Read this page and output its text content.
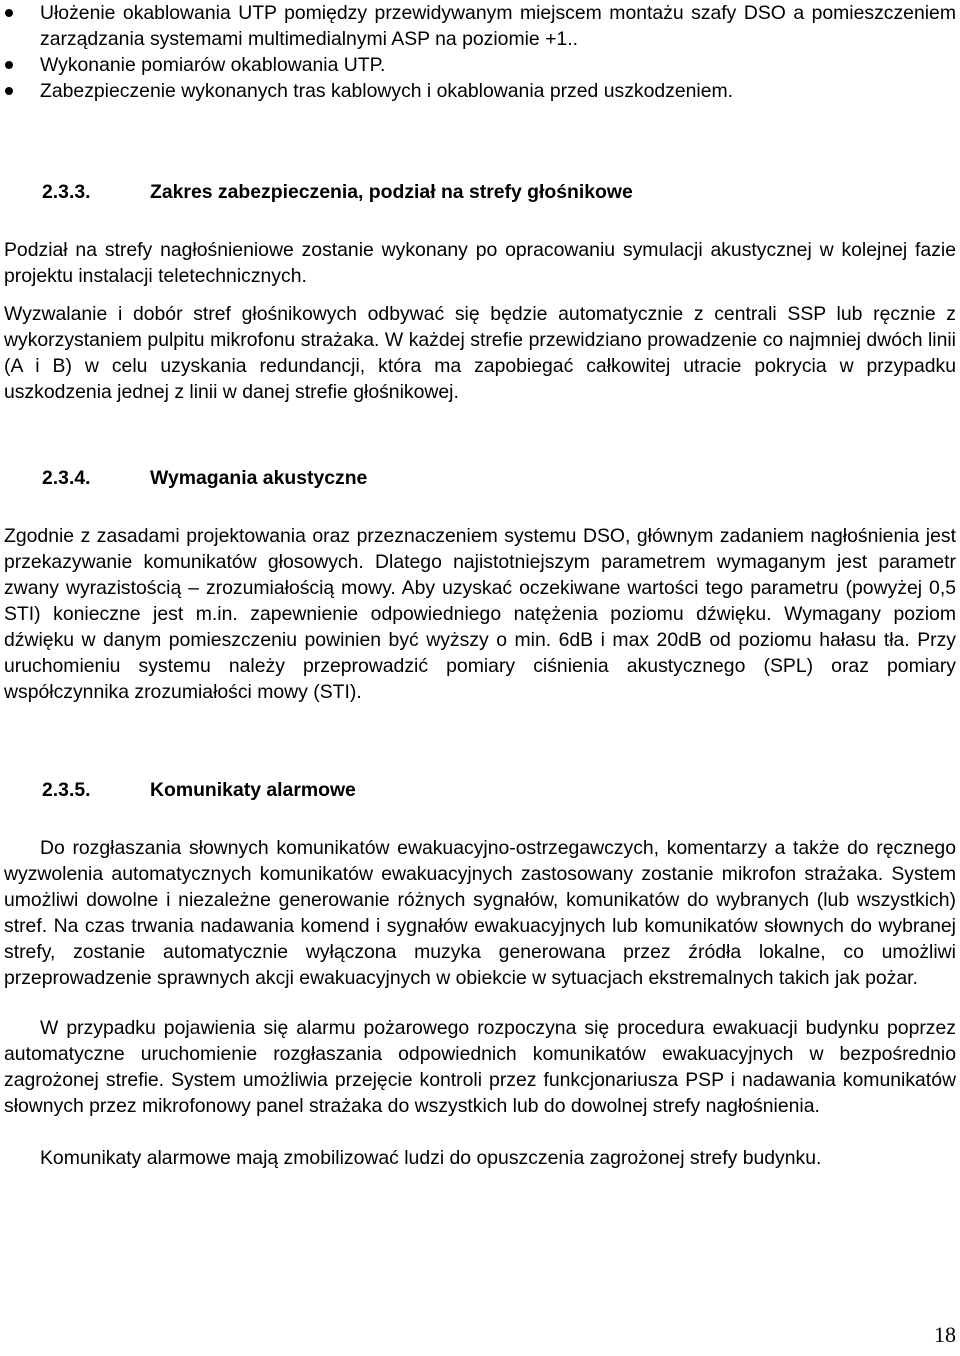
Ułożenie okablowania UTP pomiędzy przewidywanym miejscem montażu szafy DSO a pomieszczeniem zarządzania systemami multimedialnymi ASP na poziomie +1..
Wykonanie pomiarów okablowania UTP.
Zabezpieczenie wykonanych tras kablowych i okablowania przed uszkodzeniem.
2.3.3.	Zakres zabezpieczenia, podział na strefy głośnikowe

Podział na strefy nagłośnieniowe zostanie wykonany po opracowaniu symulacji akustycznej w kolejnej fazie projektu instalacji teletechnicznych.

Wyzwalanie i dobór stref głośnikowych odbywać się będzie automatycznie z centrali SSP lub ręcznie z wykorzystaniem pulpitu mikrofonu strażaka. W każdej strefie przewidziano prowadzenie co najmniej dwóch linii (A i B) w celu uzyskania redundancji, która ma zapobiegać całkowitej utracie pokrycia w przypadku uszkodzenia jednej z linii w danej strefie głośnikowej.

2.3.4.	Wymagania akustyczne

Zgodnie z zasadami projektowania oraz przeznaczeniem systemu DSO, głównym zadaniem nagłośnienia jest przekazywanie komunikatów głosowych. Dlatego najistotniejszym parametrem wymaganym jest parametr zwany wyrazistością – zrozumiałością mowy. Aby uzyskać oczekiwane wartości tego parametru (powyżej 0,5 STI) konieczne jest m.in. zapewnienie odpowiedniego natężenia poziomu dźwięku. Wymagany poziom dźwięku w danym pomieszczeniu powinien być wyższy o min. 6dB i max 20dB od poziomu hałasu tła. Przy uruchomieniu systemu należy przeprowadzić pomiary ciśnienia akustycznego (SPL) oraz pomiary współczynnika zrozumiałości mowy (STI).

2.3.5.	Komunikaty alarmowe

Do rozgłaszania słownych komunikatów ewakuacyjno-ostrzegawczych, komentarzy a także do ręcznego wyzwolenia automatycznych komunikatów ewakuacyjnych zastosowany zostanie mikrofon strażaka. System umożliwi dowolne i niezależne generowanie różnych sygnałów, komunikatów do wybranych (lub wszystkich) stref. Na czas trwania nadawania komend i sygnałów ewakuacyjnych lub komunikatów słownych do wybranej strefy, zostanie automatycznie wyłączona muzyka generowana przez źródła lokalne, co umożliwi przeprowadzenie sprawnych akcji ewakuacyjnych w obiekcie w sytuacjach ekstremalnych takich jak pożar.

W przypadku pojawienia się alarmu pożarowego rozpoczyna się procedura ewakuacji budynku poprzez automatyczne uruchomienie rozgłaszania odpowiednich komunikatów ewakuacyjnych w bezpośrednio zagrożonej strefie. System umożliwia przejęcie kontroli przez funkcjonariusza PSP i nadawania komunikatów słownych przez mikrofonowy panel strażaka do wszystkich lub do dowolnej strefy nagłośnienia.

Komunikaty alarmowe mają zmobilizować ludzi do opuszczenia zagrożonej strefy budynku.

18
